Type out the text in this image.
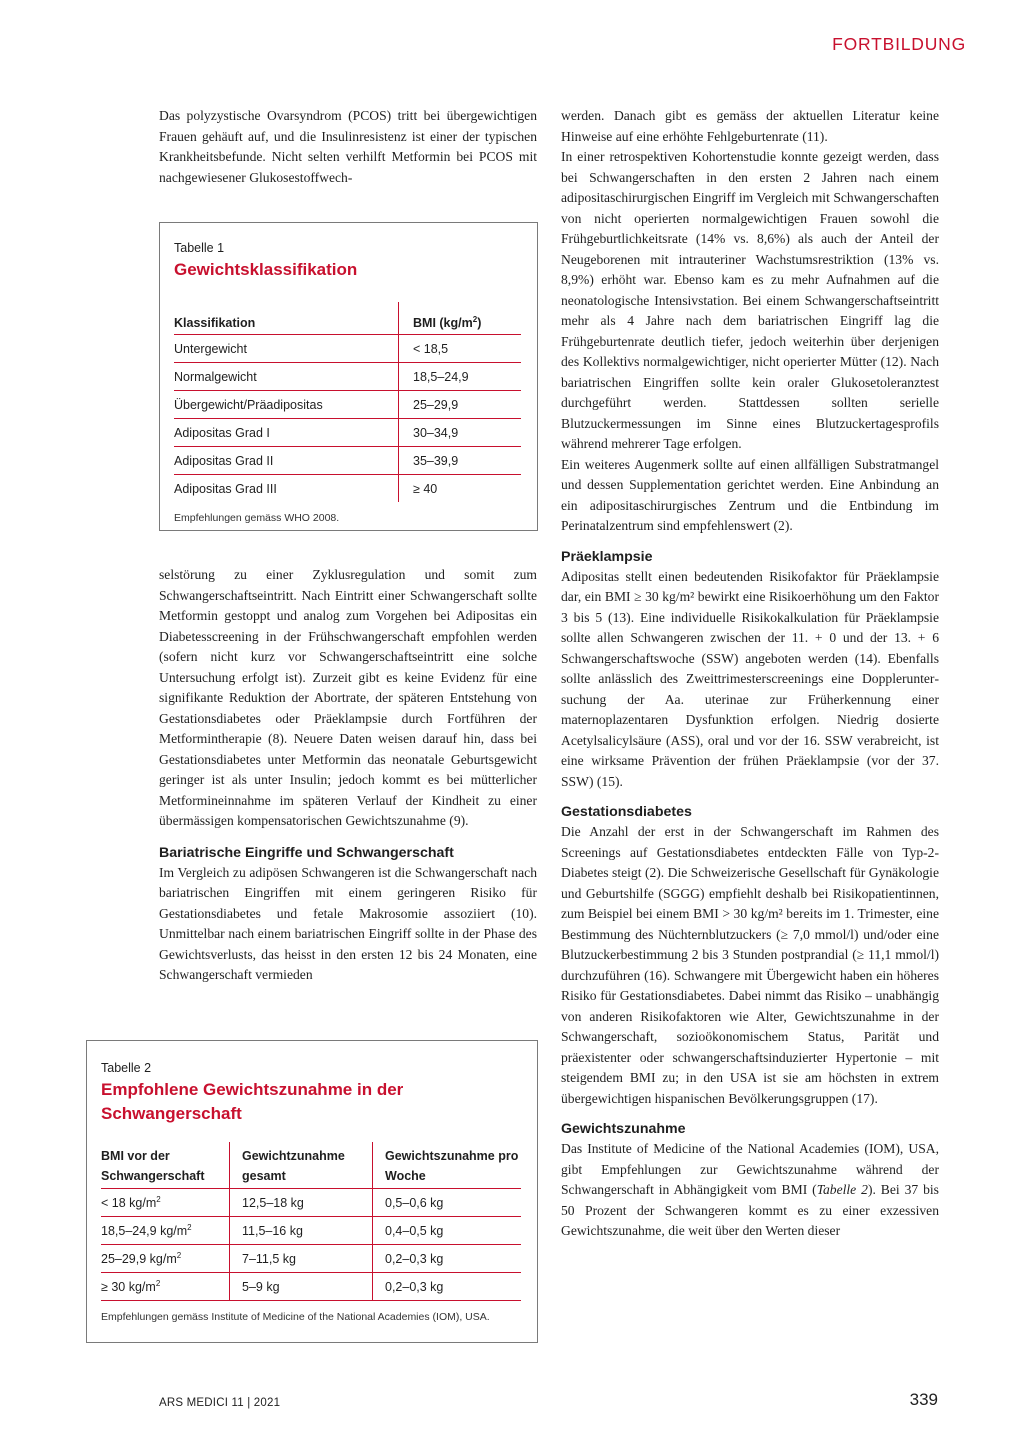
FORTBILDUNG

Das polyzystische Ovarsyndrom (PCOS) tritt bei übergewichtigen Frauen gehäuft auf, und die Insulinresistenz ist einer der typischen Krankheitsbefunde. Nicht selten verhilft Metformin bei PCOS mit nachgewiesener Glukosestoffwech-

Tabelle 1
Gewichtsklassifikation
Klassifikation	BMI $(kg/m^2)$
Untergewicht	< 18,5
Normalgewicht	18,5–24,9
Übergewicht/Präadipositas	25–29,9
Adipositas Grad I	30–34,9
Adipositas Grad II	35–39,9
Adipositas Grad III	≥ 40
Empfehlungen gemäss WHO 2008.

selstörung zu einer Zyklusregulation und somit zum Schwangerschaftseintritt. Nach Eintritt einer Schwangerschaft sollte Metformin gestoppt und analog zum Vorgehen bei Adipositas ein Diabetesscreening in der Frühschwangerschaft empfohlen werden (sofern nicht kurz vor Schwangerschaftseintritt eine solche Untersuchung erfolgt ist). Zurzeit gibt es keine Evidenz für eine signifikante Reduktion der Abortrate, der späteren Entstehung von Gestationsdiabetes oder Präeklampsie durch Fortführen der Metformintherapie (8). Neuere Daten weisen darauf hin, dass bei Gestationsdiabetes unter Metformin das neonatale Geburtsgewicht geringer ist als unter Insulin; jedoch kommt es bei mütterlicher Metformineinnahme im späteren Verlauf der Kindheit zu einer übermässigen kompensatorischen Gewichtszunahme (9).

Bariatrische Eingriffe und Schwangerschaft

Im Vergleich zu adipösen Schwangeren ist die Schwangerschaft nach bariatrischen Eingriffen mit einem geringeren Risiko für Gestationsdiabetes und fetale Makrosomie assoziiert (10). Unmittelbar nach einem bariatrischen Eingriff sollte in der Phase des Gewichtsverlusts, das heisst in den ersten 12 bis 24 Monaten, eine Schwangerschaft vermieden

Tabelle 2
Empfohlene Gewichtszunahme in der Schwangerschaft
BMI vor der Schwangerschaft	Gewichtzunahme gesamt	Gewichtszunahme pro Woche
< 18 $kg/m^2$	12,5–18 kg	0,5–0,6 kg
18,5–24,9 $kg/m^2$	11,5–16 kg	0,4–0,5 kg
25–29,9 $kg/m^2$	7–11,5 kg	0,2–0,3 kg
≥ 30 $kg/m^2$	5–9 kg	0,2–0,3 kg
Empfehlungen gemäss Institute of Medicine of the National Academies (IOM), USA.

werden. Danach gibt es gemäss der aktuellen Literatur keine Hinweise auf eine erhöhte Fehlgeburtenrate (11).

In einer retrospektiven Kohortenstudie konnte gezeigt werden, dass bei Schwangerschaften in den ersten 2 Jahren nach einem adipositaschirurgischen Eingriff im Vergleich mit Schwangerschaften von nicht operierten normalgewichtigen Frauen sowohl die Frühgeburtlichkeitsrate (14% vs. 8,6%) als auch der Anteil der Neugeborenen mit intrauteriner Wachstumsrestriktion (13% vs. 8,9%) erhöht war. Ebenso kam es zu mehr Aufnahmen auf die neonatologische Intensivstation. Bei einem Schwangerschaftseintritt mehr als 4 Jahre nach dem bariatrischen Eingriff lag die Frühgeburtenrate deutlich tiefer, jedoch weiterhin über derjenigen des Kollektivs normalgewichtiger, nicht operierter Mütter (12). Nach bariatrischen Eingriffen sollte kein oraler Glukosetoleranztest durchgeführt werden. Stattdessen sollten serielle Blutzuckermessungen im Sinne eines Blutzuckertagesprofils während mehrerer Tage erfolgen.

Ein weiteres Augenmerk sollte auf einen allfälligen Substratmangel und dessen Supplementation gerichtet werden. Eine Anbindung an ein adipositaschirurgisches Zentrum und die Entbindung im Perinatalzentrum sind empfehlenswert (2).

Präeklampsie

Adipositas stellt einen bedeutenden Risikofaktor für Präeklampsie dar, ein BMI ≥ 30 kg/m² bewirkt eine Risikoerhöhung um den Faktor 3 bis 5 (13). Eine individuelle Risikokalkulation für Präeklampsie sollte allen Schwangeren zwischen der 11. + 0 und der 13. + 6 Schwangerschaftswoche (SSW) angeboten werden (14). Ebenfalls sollte anlässlich des Zweittrimesterscreenings eine Doppleruntersuchung der Aa. uterinae zur Früherkennung einer maternoplazentaren Dysfunktion erfolgen. Niedrig dosierte Acetylsalicylsäure (ASS), oral und vor der 16. SSW verabreicht, ist eine wirksame Prävention der frühen Präeklampsie (vor der 37. SSW) (15).

Gestationsdiabetes

Die Anzahl der erst in der Schwangerschaft im Rahmen des Screenings auf Gestationsdiabetes entdeckten Fälle von Typ-2-Diabetes steigt (2). Die Schweizerische Gesellschaft für Gynäkologie und Geburtshilfe (SGGG) empfiehlt deshalb bei Risikopatientinnen, zum Beispiel bei einem BMI > 30 kg/m² bereits im 1. Trimester, eine Bestimmung des Nüchternblutzuckers (≥ 7,0 mmol/l) und/oder eine Blutzuckerbestimmung 2 bis 3 Stunden postprandial (≥ 11,1 mmol/l) durchzuführen (16). Schwangere mit Übergewicht haben ein höheres Risiko für Gestationsdiabetes. Dabei nimmt das Risiko – unabhängig von anderen Risikofaktoren wie Alter, Gewichtszunahme in der Schwangerschaft, sozioökonomischem Status, Parität und präexistenter oder schwangerschaftsinduzierter Hypertonie – mit steigendem BMI zu; in den USA ist sie am höchsten in extrem übergewichtigen hispanischen Bevölkerungsgruppen (17).

Gewichtszunahme

Das Institute of Medicine of the National Academies (IOM), USA, gibt Empfehlungen zur Gewichtszunahme während der Schwangerschaft in Abhängigkeit vom BMI (Tabelle 2). Bei 37 bis 50 Prozent der Schwangeren kommt es zu einer exzessiven Gewichtszunahme, die weit über den Werten dieser

ARS MEDICI 11 | 2021	339
